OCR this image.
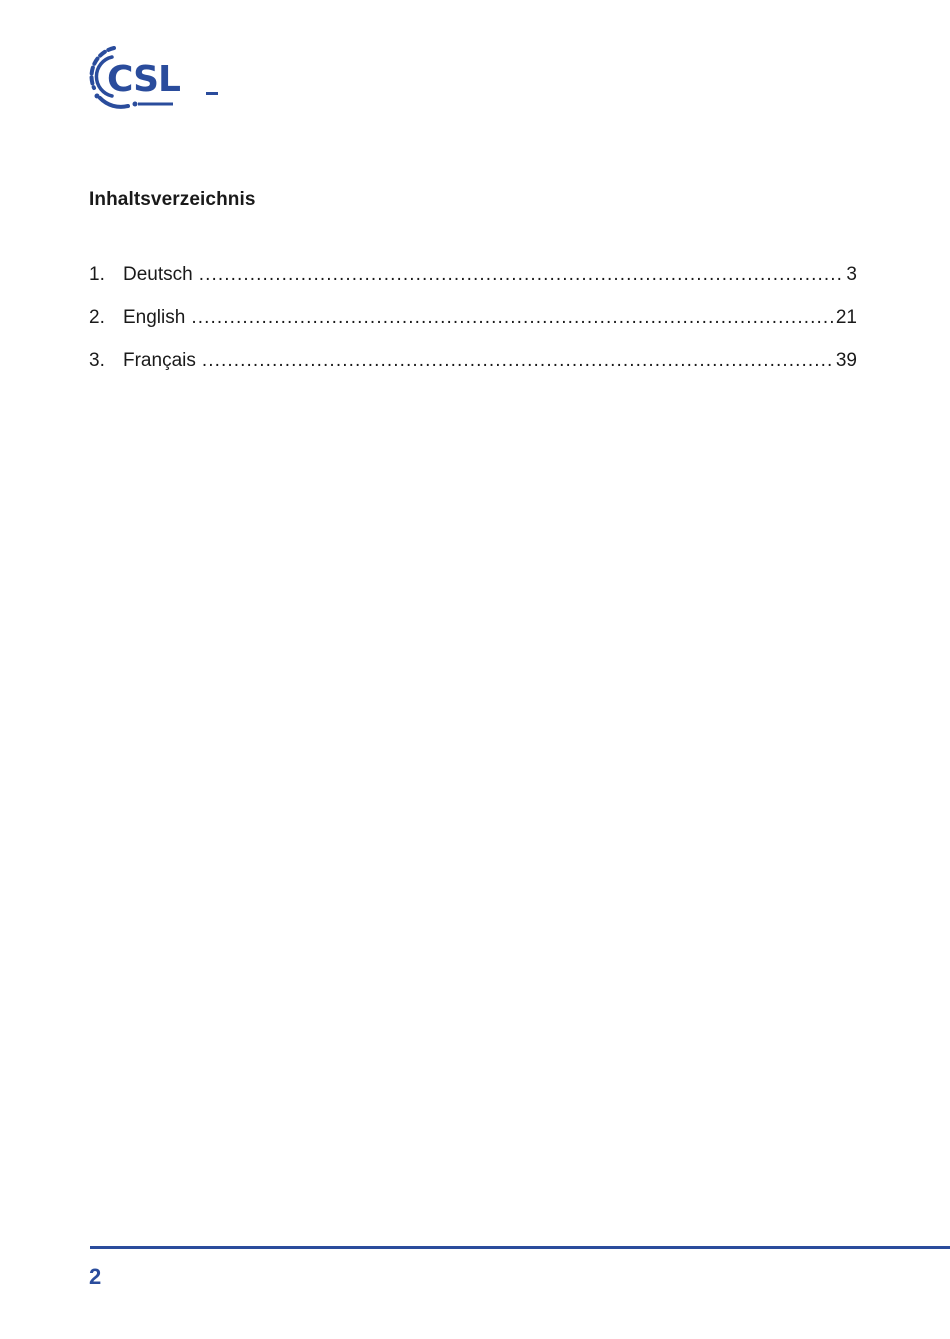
CSL
Inhaltsverzeichnis
1. Deutsch .....	3
2. English .....	21
3. Français .....	39
2
